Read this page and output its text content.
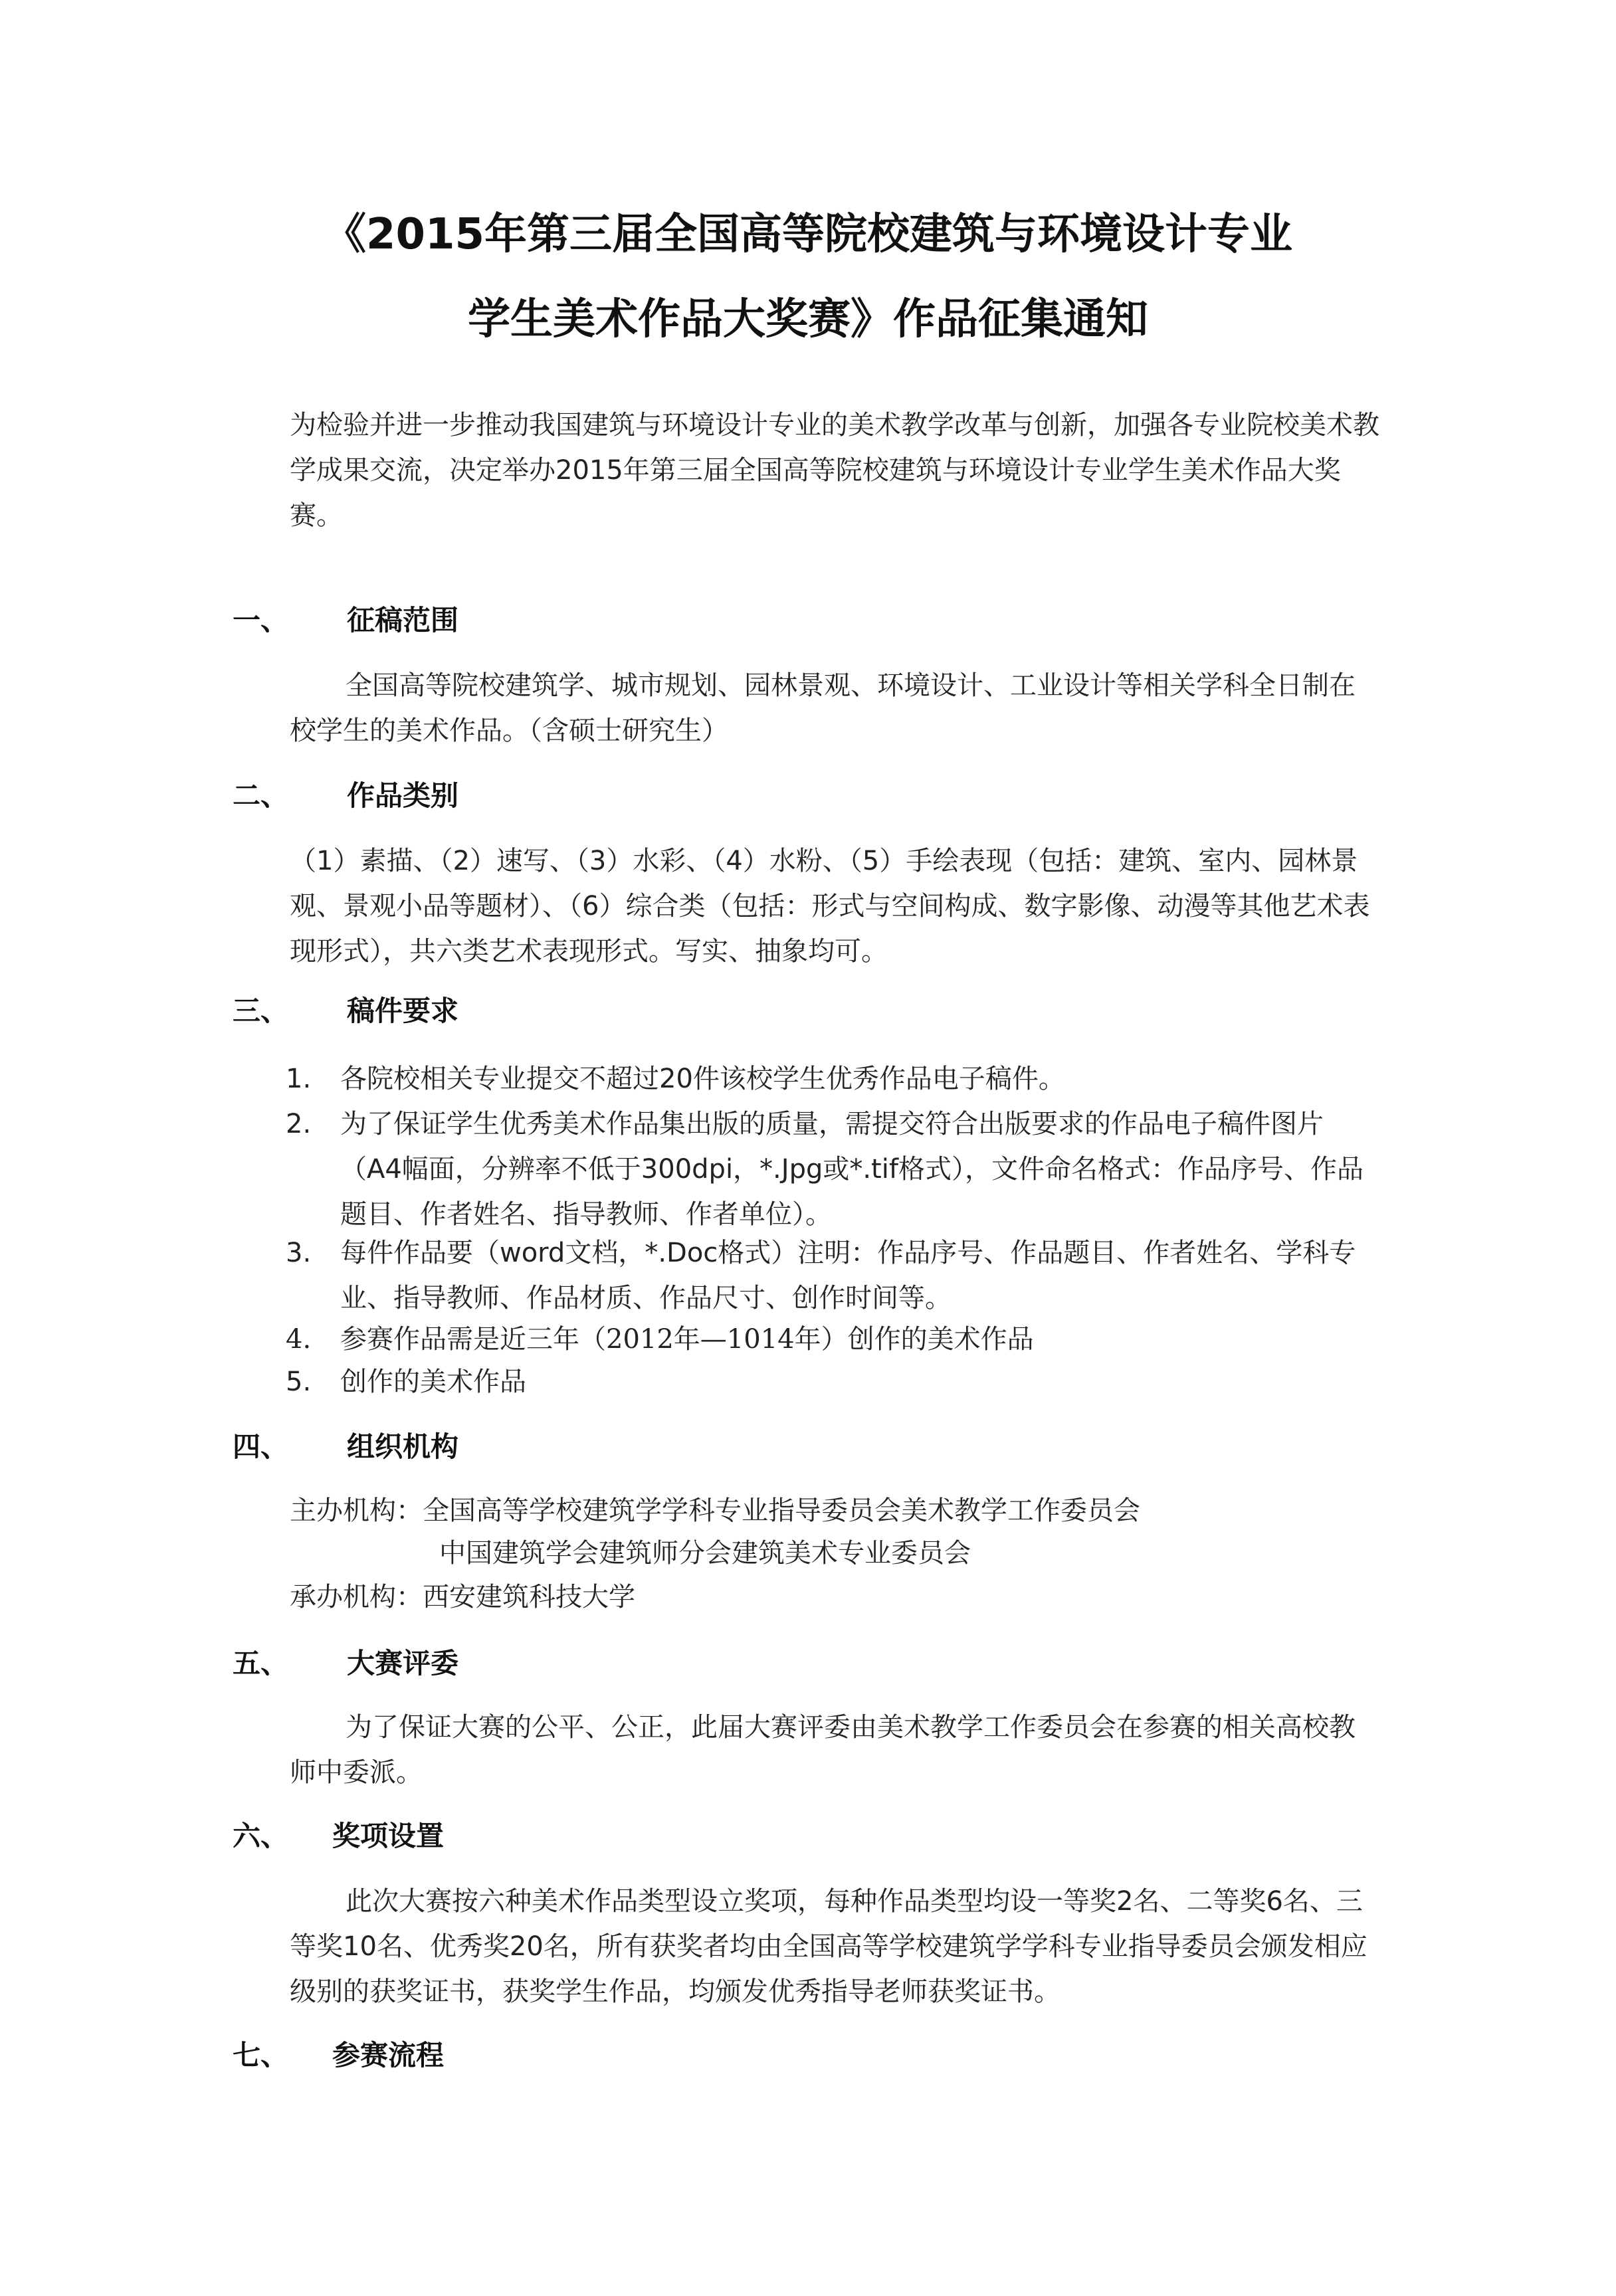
《2015年第三届全国高等院校建筑与环境设计专业
学生美术作品大奖赛》作品征集通知

为检验并进一步推动我国建筑与环境设计专业的美术教学改革与创新，加强各专业院校美术教学成果交流，决定举办2015年第三届全国高等院校建筑与环境设计专业学生美术作品大奖赛。

一、 征稿范围

全国高等院校建筑学、城市规划、园林景观、环境设计、工业设计等相关学科全日制在校学生的美术作品。（含硕士研究生）

二、 作品类别

（1）素描、（2）速写、（3）水彩、（4）水粉、（5）手绘表现（包括：建筑、室内、园林景观、景观小品等题材）、（6）综合类（包括：形式与空间构成、数字影像、动漫等其他艺术表现形式），共六类艺术表现形式。写实、抽象均可。

三、 稿件要求
1. 各院校相关专业提交不超过20件该校学生优秀作品电子稿件。
2. 为了保证学生优秀美术作品集出版的质量，需提交符合出版要求的作品电子稿件图片（A4幅面，分辨率不低于300dpi，*.Jpg或*.tif格式），文件命名格式：作品序号、作品题目、作者姓名、指导教师、作者单位）。
3. 每件作品要（word文档，*.Doc格式）注明：作品序号、作品题目、作者姓名、学科专业、指导教师、作品材质、作品尺寸、创作时间等。
4. 参赛作品需是近三年（2012年—1014年）创作的美术作品
5. 创作的美术作品
四、 组织机构
主办机构：全国高等学校建筑学学科专业指导委员会美术教学工作委员会
中国建筑学会建筑师分会建筑美术专业委员会
承办机构：西安建筑科技大学
五、 大赛评委

为了保证大赛的公平、公正，此届大赛评委由美术教学工作委员会在参赛的相关高校教师中委派。

六、 奖项设置

此次大赛按六种美术作品类型设立奖项，每种作品类型均设一等奖2名、二等奖6名、三等奖10名、优秀奖20名，所有获奖者均由全国高等学校建筑学学科专业指导委员会颁发相应级别的获奖证书，获奖学生作品，均颁发优秀指导老师获奖证书。

七、 参赛流程
